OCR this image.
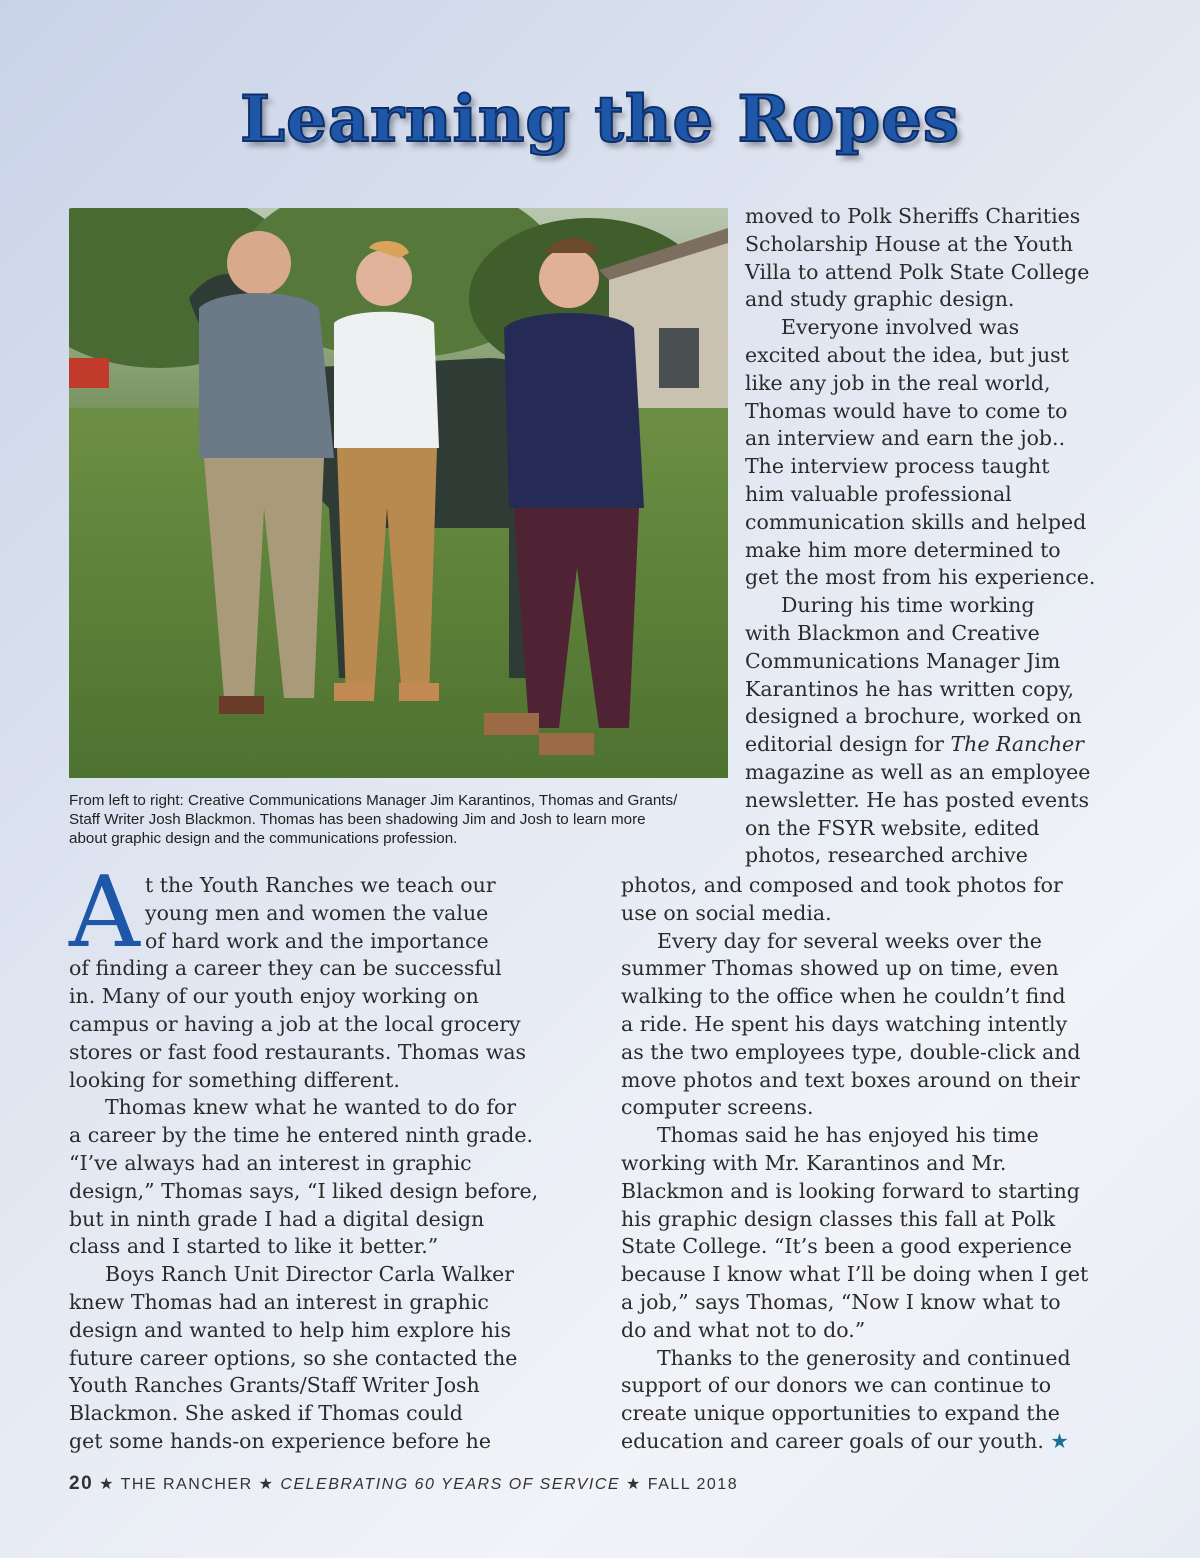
Learning the Ropes

From left to right: Creative Communications Manager Jim Karantinos, Thomas and Grants/

Staff Writer Josh Blackmon. Thomas has been shadowing Jim and Josh to learn more

about graphic design and the communications profession.

moved to Polk Sheriffs Charities
Scholarship House at the Youth
Villa to attend Polk State College
and study graphic design.
Everyone involved was
excited about the idea, but just
like any job in the real world,
Thomas would have to come to
an interview and earn the job..
The interview process taught
him valuable professional
communication skills and helped
make him more determined to
get the most from his experience.
During his time working
with Blackmon and Creative
Communications Manager Jim
Karantinos he has written copy,
designed a brochure, worked on
editorial design for The Rancher
magazine as well as an employee
newsletter. He has posted events
on the FSYR website, edited
photos, researched archive
A t the Youth Ranches we teach our
young men and women the value
of hard work and the importance
of finding a career they can be successful
in. Many of our youth enjoy working on
campus or having a job at the local grocery
stores or fast food restaurants. Thomas was
looking for something different.
Thomas knew what he wanted to do for
a career by the time he entered ninth grade.
“I’ve always had an interest in graphic
design,” Thomas says, “I liked design before,
but in ninth grade I had a digital design
class and I started to like it better.”
Boys Ranch Unit Director Carla Walker
knew Thomas had an interest in graphic
design and wanted to help him explore his
future career options, so she contacted the
Youth Ranches Grants/Staff Writer Josh
Blackmon. She asked if Thomas could
get some hands-on experience before he
photos, and composed and took photos for
use on social media.
Every day for several weeks over the
summer Thomas showed up on time, even
walking to the office when he couldn’t find
a ride. He spent his days watching intently
as the two employees type, double-click and
move photos and text boxes around on their
computer screens.
Thomas said he has enjoyed his time
working with Mr. Karantinos and Mr.
Blackmon and is looking forward to starting
his graphic design classes this fall at Polk
State College. “It’s been a good experience
because I know what I’ll be doing when I get
a job,” says Thomas, “Now I know what to
do and what not to do.”
Thanks to the generosity and continued
support of our donors we can continue to
create unique opportunities to expand the
education and career goals of our youth. ★
20 ★ THE RANCHER ★ CELEBRATING 60 YEARS OF SERVICE ★ FALL 2018
